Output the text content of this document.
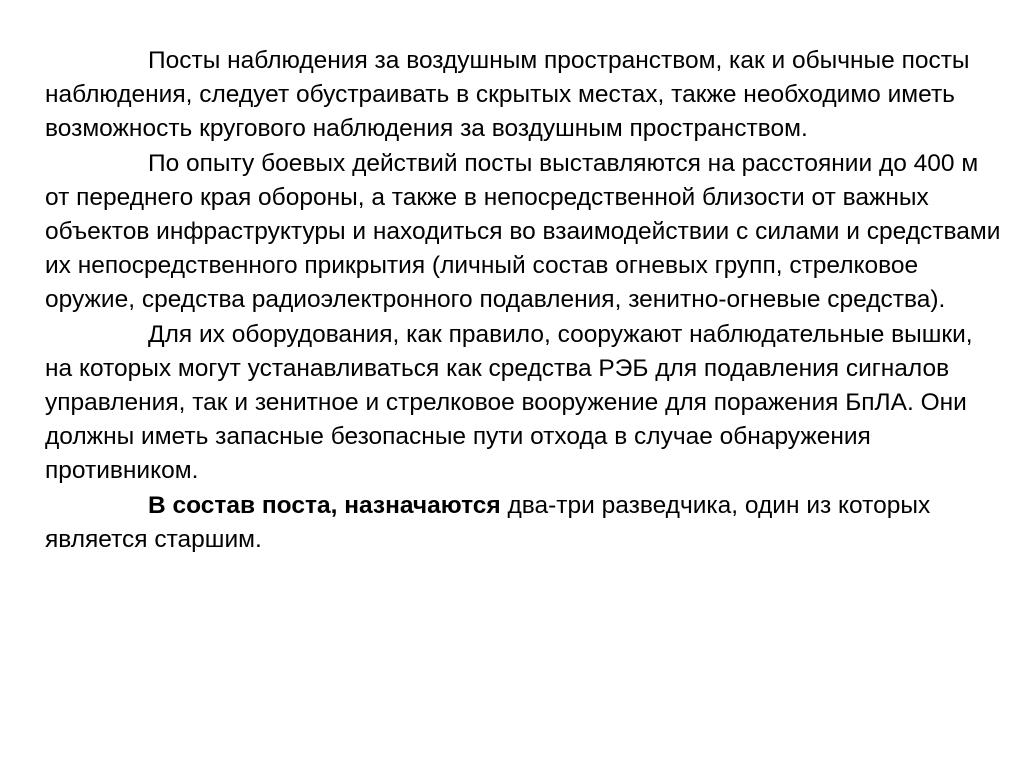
Посты наблюдения за воздушным пространством, как и обычные посты наблюдения, следует обустраивать в скрытых местах, также необходимо иметь возможность кругового наблюдения за воздушным пространством.

По опыту боевых действий посты выставляются на расстоянии до 400 м от переднего края обороны, а также в непосредственной близости от важных объектов инфраструктуры и находиться во взаимодействии с силами и средствами их непосредственного прикрытия (личный состав огневых групп, стрелковое оружие, средства радиоэлектронного подавления, зенитно-огневые средства).

Для их оборудования, как правило, сооружают наблюдательные вышки, на которых могут устанавливаться как средства РЭБ для подавления сигналов управления, так и зенитное и стрелковое вооружение для поражения БпЛА. Они должны иметь запасные безопасные пути отхода в случае обнаружения противником.

В состав поста, назначаются два-три разведчика, один из которых является старшим.
